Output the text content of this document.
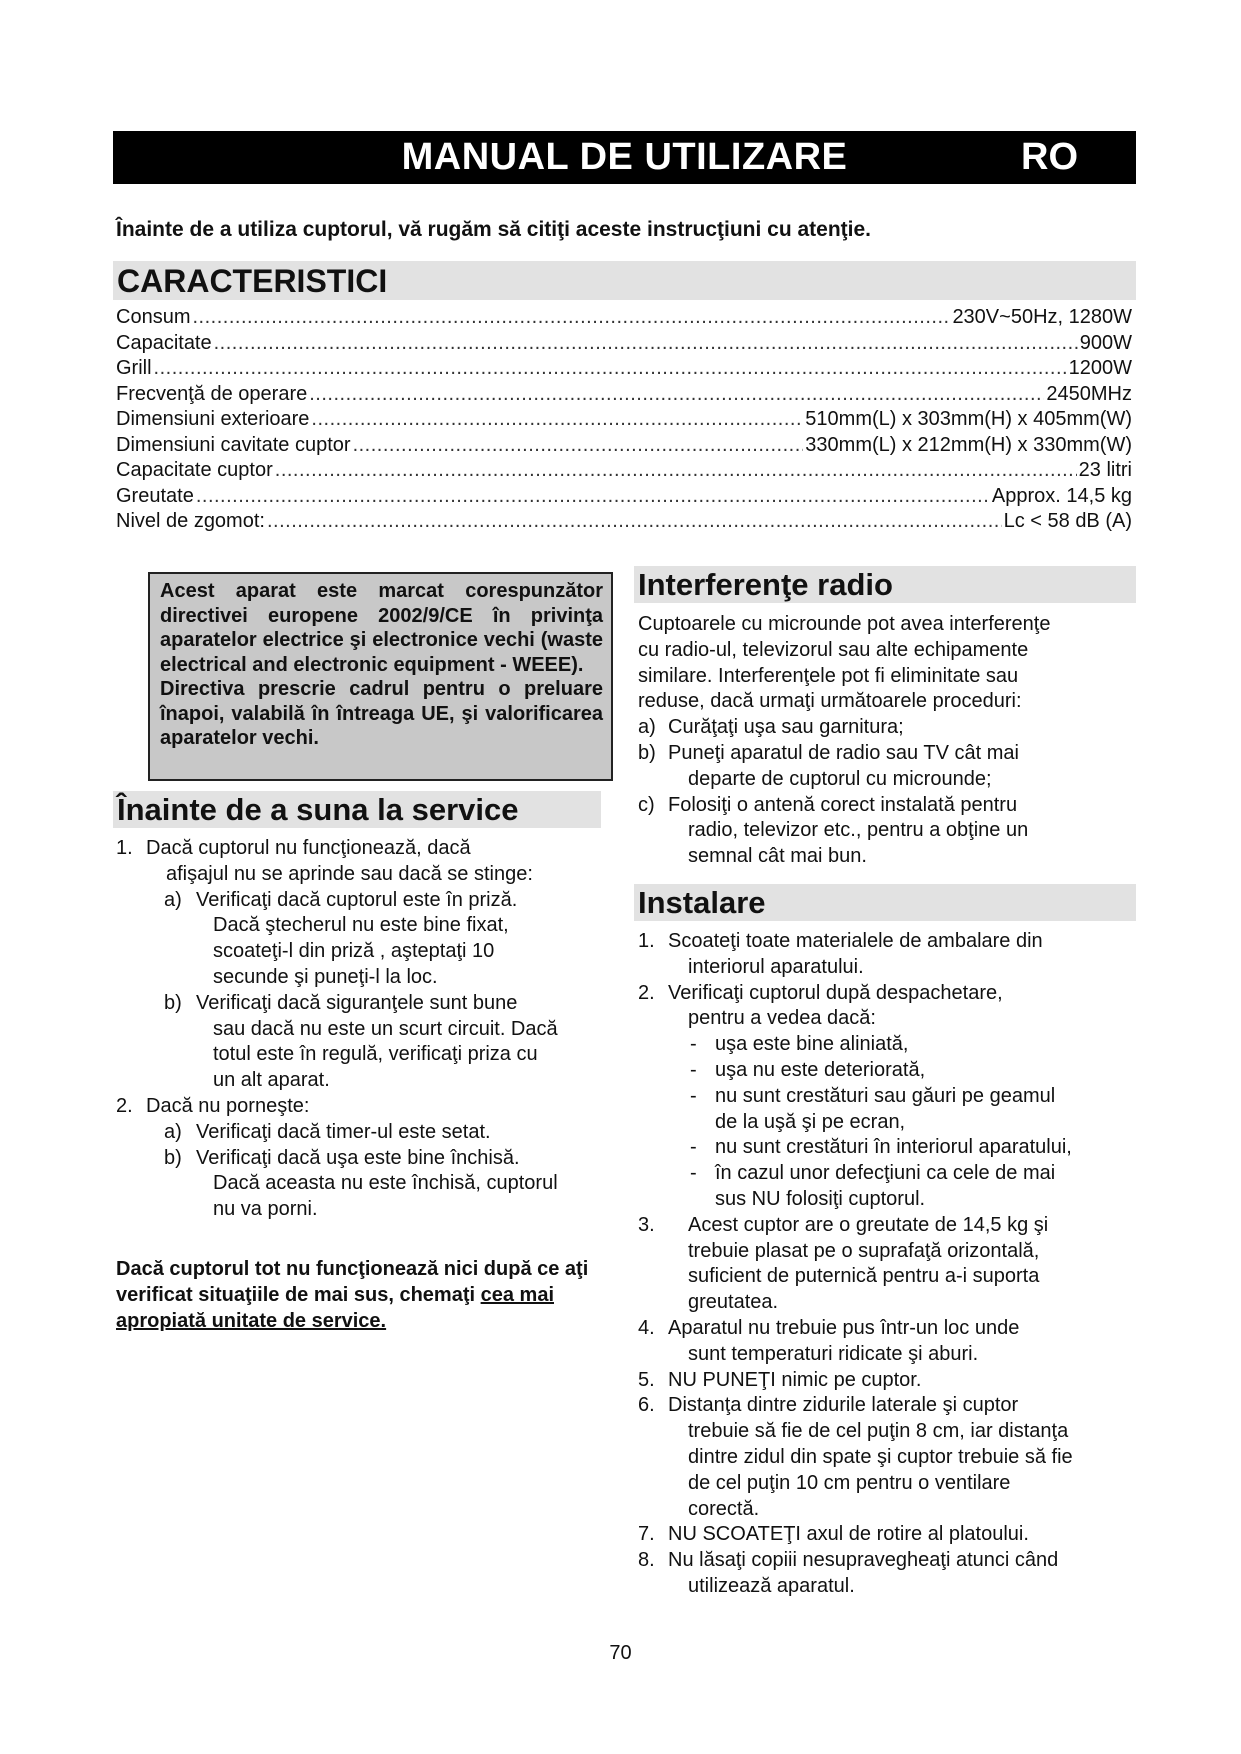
MANUAL DE UTILIZARE	RO
Înainte de a utiliza cuptorul, vă rugăm să citiţi aceste instrucţiuni cu atenţie.
CARACTERISTICI
Consum .....	230V~50Hz, 1280W
Capacitate .....	900W
Grill .....	1200W
Frecvenţă de operare .....	2450MHz
Dimensiuni exterioare .....	510mm(L) x 303mm(H) x 405mm(W)
Dimensiuni cavitate cuptor .....	330mm(L) x 212mm(H) x 330mm(W)
Capacitate cuptor .....	23 litri
Greutate .....	Approx. 14,5 kg
Nivel de zgomot: .....	Lc < 58 dB (A)

Acest aparat este marcat corespunzător directivei europene 2002/9/CE în privinţa aparatelor electrice şi electronice vechi (waste electrical and electronic equipment - WEEE).

Directiva prescrie cadrul pentru o preluare înapoi, valabilă în întreaga UE, şi valorificarea aparatelor vechi.

Înainte de a suna la service
1. Dacă cuptorul nu funcţionează, dacă
afişajul nu se aprinde sau dacă se stinge:
a) Verificaţi dacă cuptorul este în priză.
Dacă ştecherul nu este bine fixat,
scoateţi-l din priză , aşteptaţi 10
secunde şi puneţi-l la loc.
b) Verificaţi dacă siguranţele sunt bune
sau dacă nu este un scurt circuit. Dacă
totul este în regulă, verificaţi priza cu
un alt aparat.
2. Dacă nu porneşte:
a) Verificaţi dacă timer-ul este setat.
b) Verificaţi dacă uşa este bine închisă.
Dacă aceasta nu este închisă, cuptorul
nu va porni.
Dacă cuptorul tot nu funcţionează nici după ce aţi verificat situaţiile de mai sus, chemaţi cea mai apropiată unitate de service.
Interferenţe radio
Cuptoarele cu microunde pot avea interferenţe
cu radio-ul, televizorul sau alte echipamente
similare. Interferenţele pot fi eliminitate sau
reduse, dacă urmaţi următoarele proceduri:
a) Curăţaţi uşa sau garnitura;
b) Puneţi aparatul de radio sau TV cât mai
departe de cuptorul cu microunde;
c) Folosiţi o antenă corect instalată pentru
radio, televizor etc., pentru a obţine un
semnal cât mai bun.
Instalare
1. Scoateţi toate materialele de ambalare din
interiorul aparatului.
2. Verificaţi cuptorul după despachetare,
pentru a vedea dacă:
- uşa este bine aliniată,
- uşa nu este deteriorată,
- nu sunt crestături sau găuri pe geamul
de la uşă şi pe ecran,
- nu sunt crestături în interiorul aparatului,
- în cazul unor defecţiuni ca cele de mai
sus NU folosiţi cuptorul.
3. Acest cuptor are o greutate de 14,5 kg şi
trebuie plasat pe o suprafaţă orizontală,
suficient de puternică pentru a-i suporta
greutatea.
4. Aparatul nu trebuie pus într-un loc unde
sunt temperaturi ridicate şi aburi.
5. NU PUNEŢI nimic pe cuptor.
6. Distanţa dintre zidurile laterale şi cuptor
trebuie să fie de cel puţin 8 cm, iar distanţa
dintre zidul din spate şi cuptor trebuie să fie
de cel puţin 10 cm pentru o ventilare
corectă.
7. NU SCOATEŢI axul de rotire al platoului.
8. Nu lăsaţi copiii nesupravegheaţi atunci când
utilizează aparatul.
70
